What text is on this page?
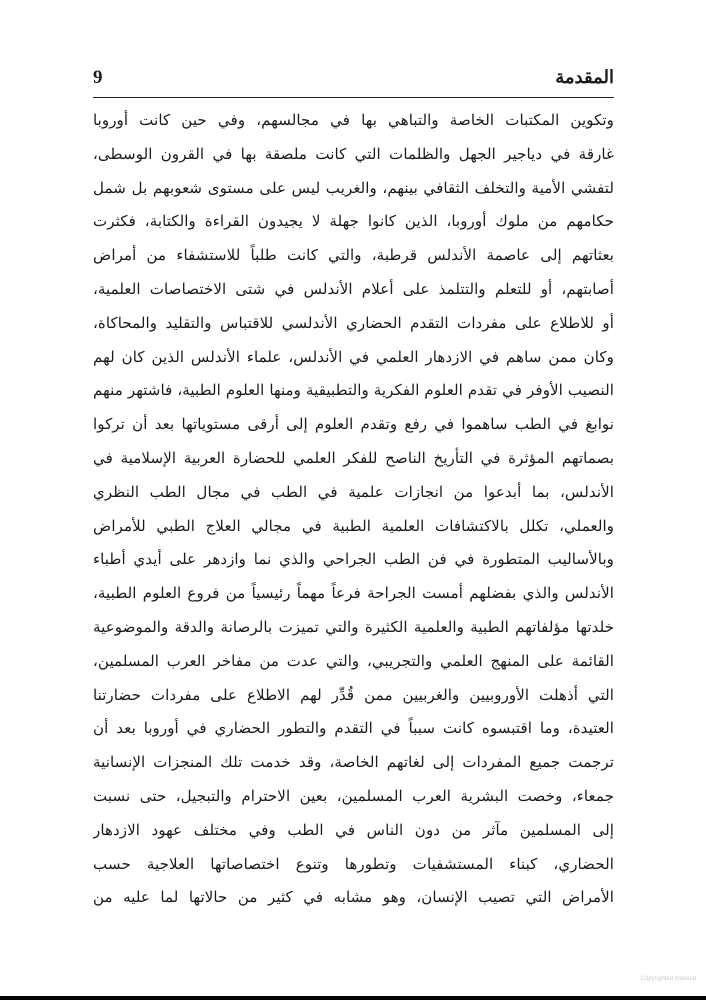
المقدمة
9
وتكوين المكتبات الخاصة والتباهي بها في مجالسهم، وفي حين كانت أوروبا
غارقة في دياجير الجهل والظلمات التي كانت ملصقة بها في القرون الوسطى،
لتفشي الأمية والتخلف الثقافي بينهم، والغريب ليس على مستوى شعوبهم بل شمل
حكامهم من ملوك أوروبا، الذين كانوا جهلة لا يجيدون القراءة والكتابة، فكثرت
بعثاتهم إلى عاصمة الأندلس قرطبة، والتي كانت طلباً للاستشفاء من أمراض
أصابتهم، أو للتعلم والتتلمذ على أعلام الأندلس في شتى الاختصاصات العلمية،
أو للاطلاع على مفردات التقدم الحضاري الأندلسي للاقتباس والتقليد والمحاكاة،
وكان ممن ساهم في الازدهار العلمي في الأندلس، علماء الأندلس الذين كان لهم
النصيب الأوفر في تقدم العلوم الفكرية والتطبيقية ومنها العلوم الطبية، فاشتهر منهم
نوابغ في الطب ساهموا في رفع وتقدم العلوم إلى أرقى مستوياتها بعد أن تركوا
بصماتهم المؤثرة في التأريخ الناصح للفكر العلمي للحضارة العربية الإسلامية في
الأندلس، بما أبدعوا من انجازات علمية في الطب في مجال الطب النظري
والعملي، تكلل بالاكتشافات العلمية الطبية في مجالي العلاج الطبي للأمراض
وبالأساليب المتطورة في فن الطب الجراحي والذي نما وازدهر على أيدي أطباء
الأندلس والذي بفضلهم أمست الجراحة فرعاً مهماً رئيسياً من فروع العلوم الطبية،
خلدتها مؤلفاتهم الطبية والعلمية الكثيرة والتي تميزت بالرصانة والدقة والموضوعية
القائمة على المنهج العلمي والتجريبي، والتي عدت من مفاخر العرب المسلمين،
التي أذهلت الأوروبيين والغربيين ممن قُدِّر لهم الاطلاع على مفردات حضارتنا
العتيدة، وما اقتبسوه كانت سبباً في التقدم والتطور الحضاري في أوروبا بعد أن
ترجمت جميع المفردات إلى لغاتهم الخاصة، وقد خدمت تلك المنجزات الإنسانية
جمعاء، وخصت البشرية العرب المسلمين، بعين الاحترام والتبجيل، حتى نسبت
إلى المسلمين مآثر من دون الناس في الطب وفي مختلف عهود الازدهار
الحضاري، كبناء المستشفيات وتطورها وتنوع اختصاصاتها العلاجية حسب
الأمراض التي تصيب الإنسان، وهو مشابه في كثير من حالاتها لما عليه من
Copyrighted material
